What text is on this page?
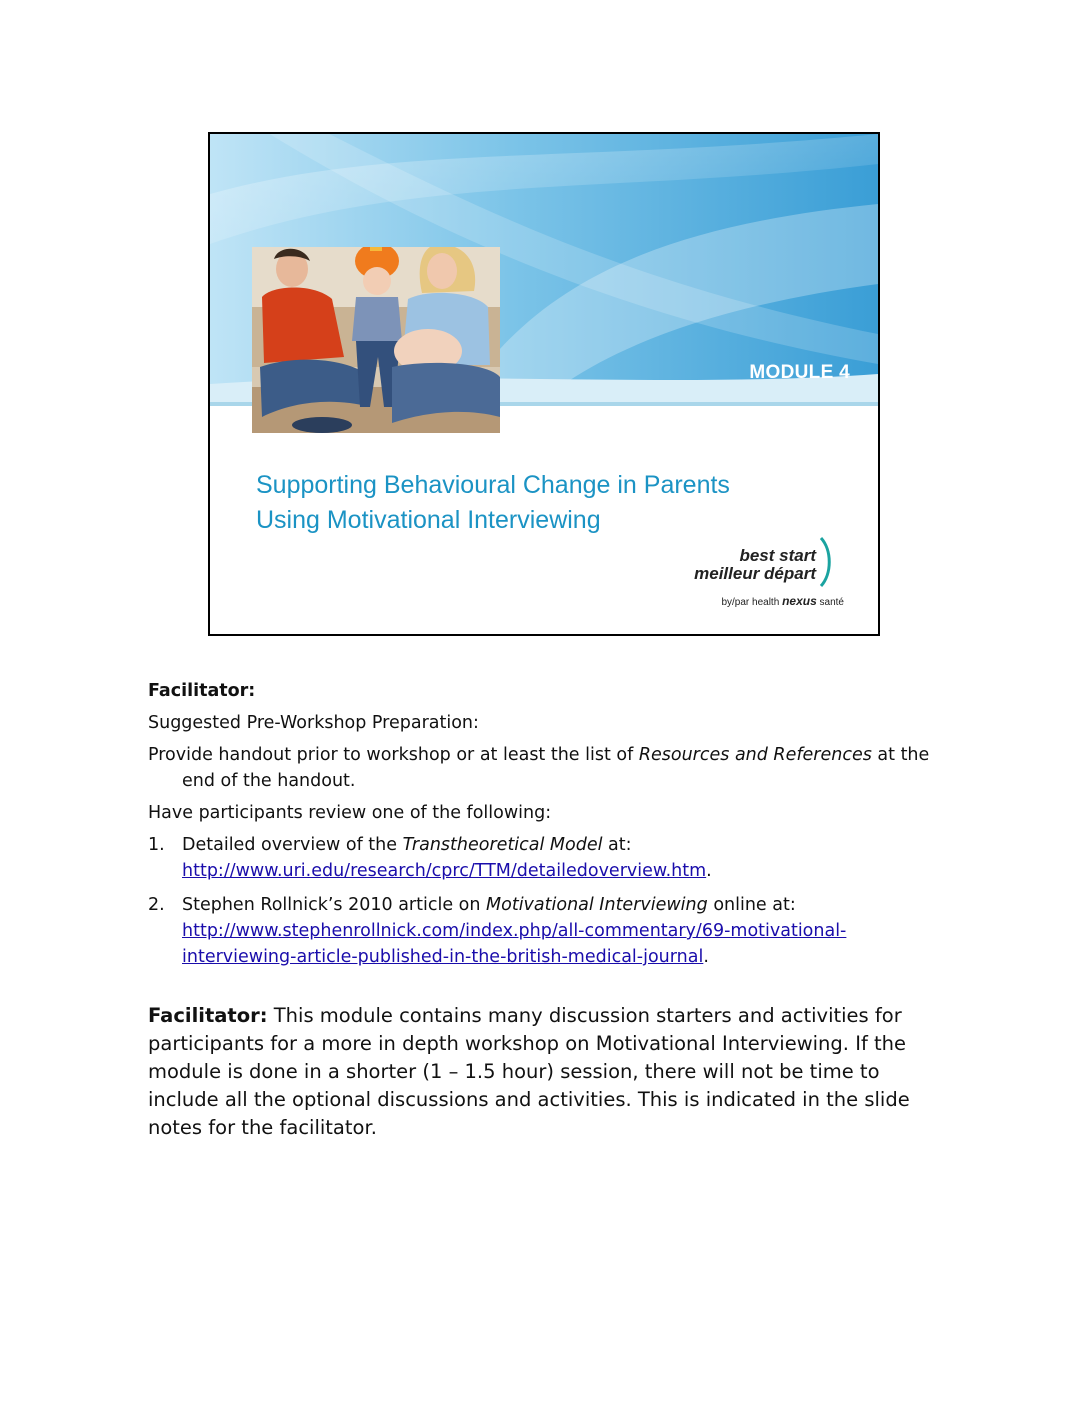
MODULE 4
Supporting Behavioural Change in Parents
Using Motivational Interviewing
best start
meilleur départ
by/par health nexus santé
Facilitator:
Suggested Pre-Workshop Preparation:
Provide handout prior to workshop or at least the list of Resources and References at the end of the handout.
Have participants review one of the following:
1. Detailed overview of the Transtheoretical Model at:
http://www.uri.edu/research/cprc/TTM/detailedoverview.htm.
2. Stephen Rollnick’s 2010 article on Motivational Interviewing online at:
http://www.stephenrollnick.com/index.php/all-commentary/69-motivational-
interviewing-article-published-in-the-british-medical-journal.
Facilitator: This module contains many discussion starters and activities for participants for a more in depth workshop on Motivational Interviewing. If the module is done in a shorter (1 – 1.5 hour) session, there will not be time to include all the optional discussions and activities. This is indicated in the slide notes for the facilitator.
